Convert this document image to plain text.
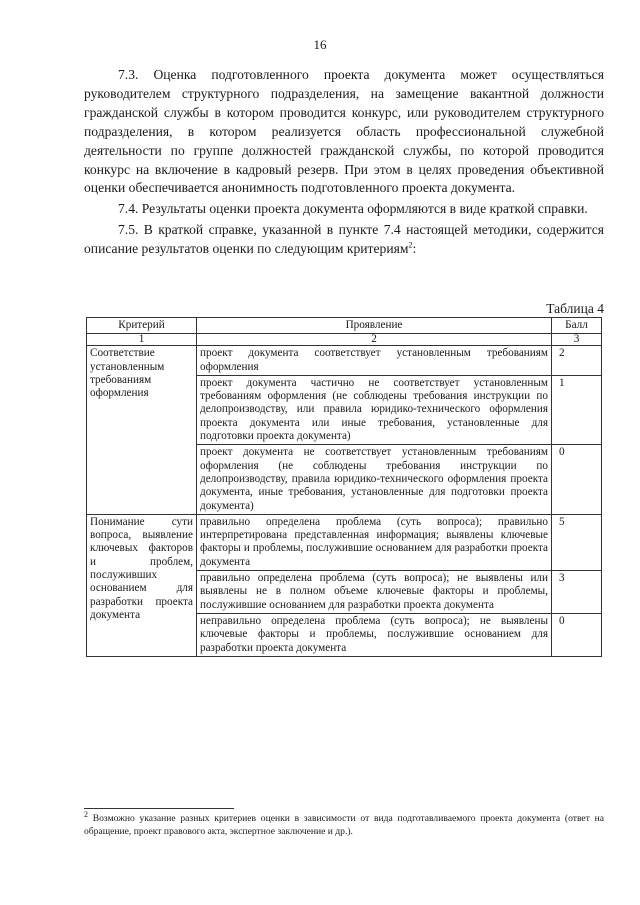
16

7.3. Оценка подготовленного проекта документа может осуществляться руководителем структурного подразделения, на замещение вакантной должности гражданской службы в котором проводится конкурс, или руководителем структурного подразделения, в котором реализуется область профессиональной служебной деятельности по группе должностей гражданской службы, по которой проводится конкурс на включение в кадровый резерв. При этом в целях проведения объективной оценки обеспечивается анонимность подготовленного проекта документа.

7.4. Результаты оценки проекта документа оформляются в виде краткой справки.

7.5. В краткой справке, указанной в пункте 7.4 настоящей методики, содержится описание результатов оценки по следующим критериям$^2$:

Таблица 4
Критерий	Проявление	Балл
1	2	3
Соответствие установленным требованиям оформления	проект документа соответствует установленным требованиям оформления	2
	проект документа частично не соответствует установленным требованиям оформления (не соблюдены требования инструкции по делопроизводству, или правила юридико-технического оформления проекта документа или иные требования, установленные для подготовки проекта документа)	1
	проект документа не соответствует установленным требованиям оформления (не соблюдены требования инструкции по делопроизводству, правила юридико-технического оформления проекта документа, иные требования, установленные для подготовки проекта документа)	0
Понимание сути вопроса, выявление ключевых факторов и проблем, послуживших основанием для разработки проекта документа	правильно определена проблема (суть вопроса); правильно интерпретирована представленная информация; выявлены ключевые факторы и проблемы, послужившие основанием для разработки проекта документа	5
	правильно определена проблема (суть вопроса); не выявлены или выявлены не в полном объеме ключевые факторы и проблемы, послужившие основанием для разработки проекта документа	3
	неправильно определена проблема (суть вопроса); не выявлены ключевые факторы и проблемы, послужившие основанием для разработки проекта документа	0
$^2$ Возможно указание разных критериев оценки в зависимости от вида подготавливаемого проекта документа (ответ на обращение, проект правового акта, экспертное заключение и др.).
